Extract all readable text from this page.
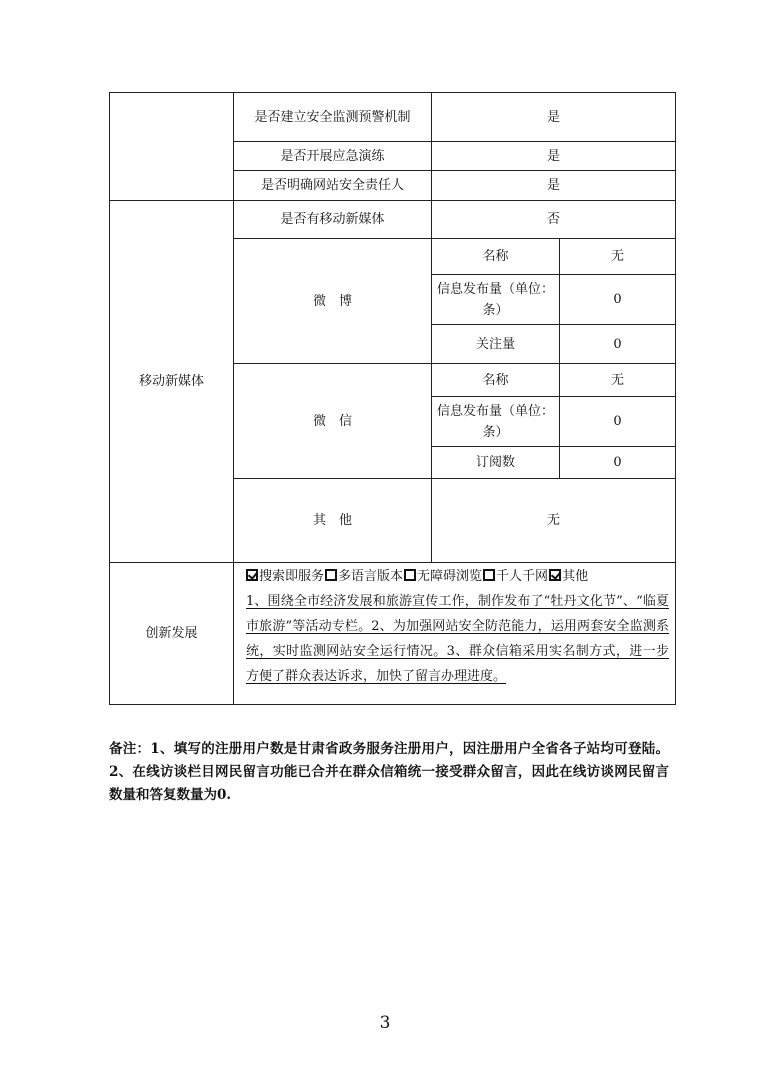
	是否建立安全监测预警机制	是	
	是否开展应急演练	是	
	是否明确网站安全责任人	是	
移动新媒体	是否有移动新媒体	否	
	微　博	名称	无
		信息发布量（单位：条）	0
		关注量	0
	微　信	名称	无
		信息发布量（单位：条）	0
		订阅数	0
	其　他	无	
创新发展	搜索即服务 多语言版本 无障碍浏览 千人千网 其他
1、围绕全市经济发展和旅游宣传工作，制作发布了“牡丹文化节”、“临夏市旅游”等活动专栏。2、为加强网站安全防范能力，运用两套安全监测系统，实时监测网站安全运行情况。3、群众信箱采用实名制方式，进一步方便了群众表达诉求，加快了留言办理进度。		
备注：1、填写的注册用户数是甘肃省政务服务注册用户，因注册用户全省各子站均可登陆。2、在线访谈栏目网民留言功能已合并在群众信箱统一接受群众留言，因此在线访谈网民留言数量和答复数量为0.
3
